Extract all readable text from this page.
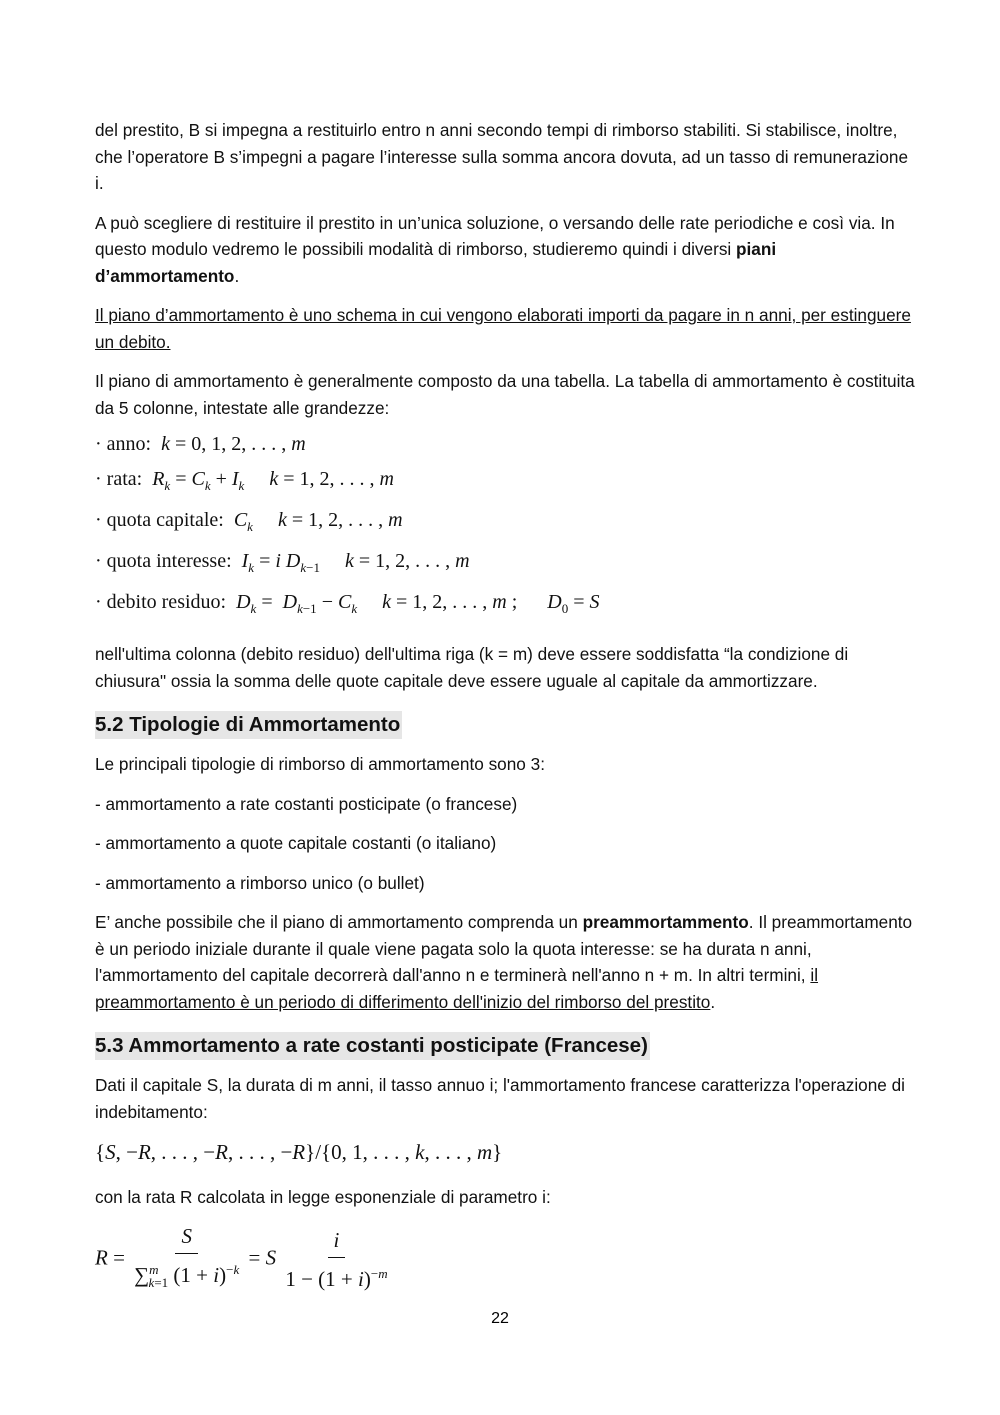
del prestito, B si impegna a restituirlo entro n anni secondo tempi di rimborso stabiliti. Si stabilisce, inoltre, che l’operatore B s’impegni a pagare l’interesse sulla somma ancora dovuta, ad un tasso di remunerazione i.

A può scegliere di restituire il prestito in un’unica soluzione, o versando delle rate periodiche e così via. In questo modulo vedremo le possibili modalità di rimborso, studieremo quindi i diversi piani d’ammortamento.

Il piano d’ammortamento è uno schema in cui vengono elaborati importi da pagare in n anni, per estinguere un debito.

Il piano di ammortamento è generalmente composto da una tabella. La tabella di ammortamento è costituita da 5 colonne, intestate alle grandezze:

· anno: k = 0, 1, 2, . . . , m
· rata: $R_k = C_k + I_k$ k = 1, 2, . . . , m
· quota capitale: $C_k$ k = 1, 2, . . . , m
· quota interesse: $I_k = i$ $D_{k-1}$ k = 1, 2, . . . , m
· debito residuo: $D_k = D_{k-1} - C_k$ k = 1, 2, . . . , m ;      $D_0 = S$

nell'ultima colonna (debito residuo) dell'ultima riga (k = m) deve essere soddisfatta “la condizione di chiusura" ossia la somma delle quote capitale deve essere uguale al capitale da ammortizzare.

5.2 Tipologie di Ammortamento

Le principali tipologie di rimborso di ammortamento sono 3:

- ammortamento a rate costanti posticipate (o francese)

- ammortamento a quote capitale costanti (o italiano)

- ammortamento a rimborso unico (o bullet)

E’ anche possibile che il piano di ammortamento comprenda un preammortammento. Il preammortamento è un periodo iniziale durante il quale viene pagata solo la quota interesse: se ha durata n anni, l'ammortamento del capitale decorrerà dall'anno n e terminerà nell'anno n + m. In altri termini, il preammortamento è un periodo di differimento dell'inizio del rimborso del prestito.

5.3 Ammortamento a rate costanti posticipate (Francese)

Dati il capitale S, la durata di m anni, il tasso annuo i; l'ammortamento francese caratterizza l'operazione di indebitamento:

{S, −R, . . . , −R, . . . , −R}/{0, 1, . . . , k, . . . , m}

con la rata R calcolata in legge esponenziale di parametro i:

$R = \frac{S}{\sum^m_{k=1} (1 + i)^{-k}} = S \frac{i}{1 - (1 + i)^{-m}}$
22
